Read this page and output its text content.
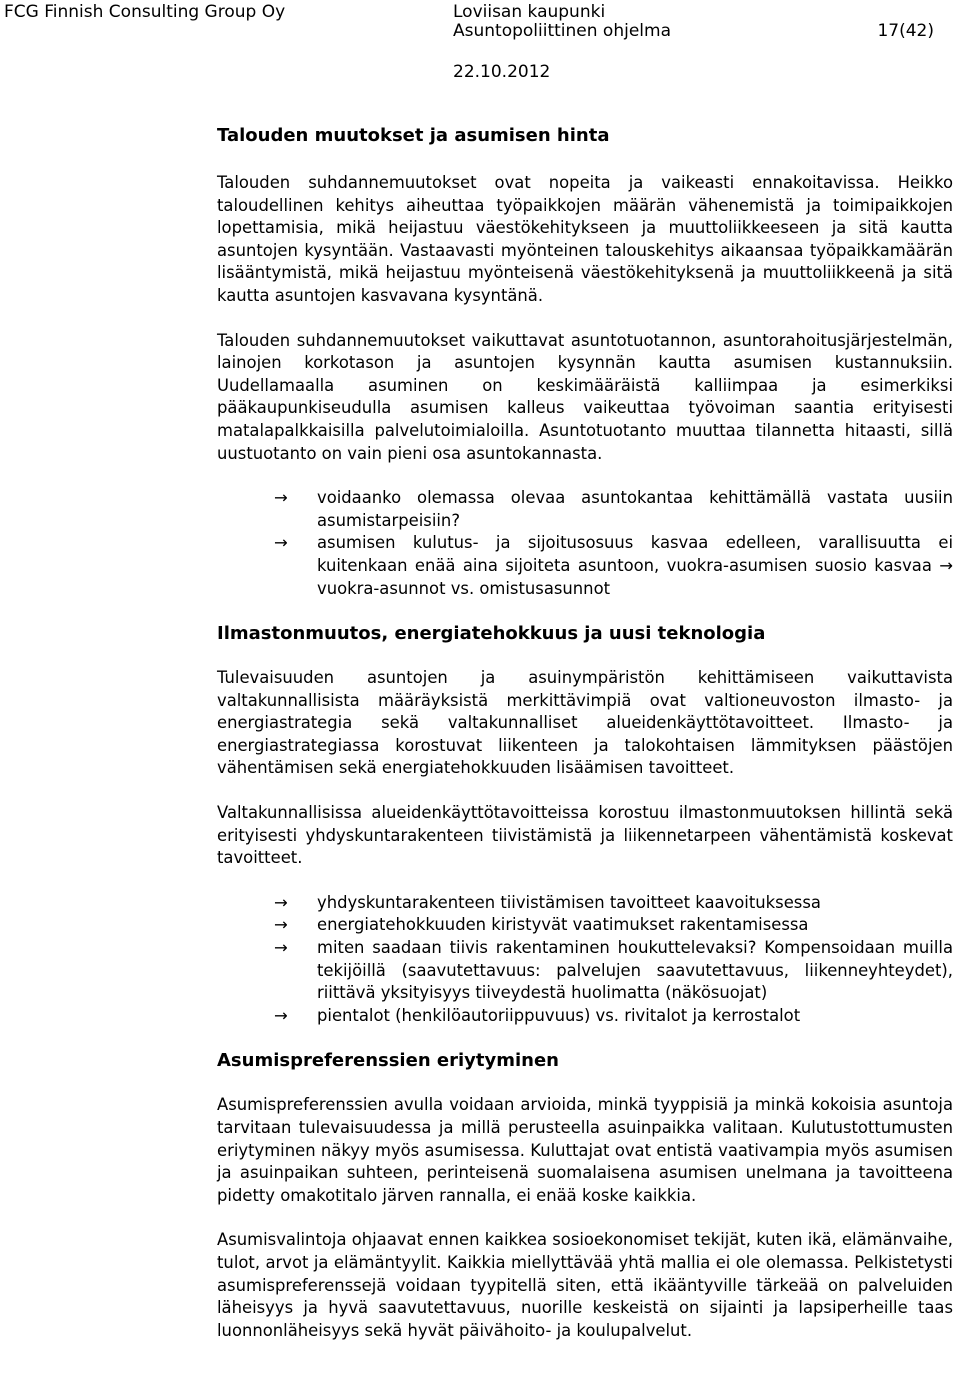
FCG Finnish Consulting Group Oy	Loviisan kaupunki
Asuntopoliittinen ohjelma	17(42)
22.10.2012
Talouden muutokset ja asumisen hinta

Talouden suhdannemuutokset ovat nopeita ja vaikeasti ennakoitavissa. Heikko taloudellinen kehitys aiheuttaa työpaikkojen määrän vähenemistä ja toimipaikkojen lopettamisia, mikä heijastuu väestökehitykseen ja muuttoliikkeeseen ja sitä kautta asuntojen kysyntään. Vastaavasti myönteinen talouskehitys aikaansaa työpaikkamäärän lisääntymistä, mikä heijastuu myönteisenä väestökehityksenä ja muuttoliikkeenä ja sitä kautta asuntojen kasvavana kysyntänä.

Talouden suhdannemuutokset vaikuttavat asuntotuotannon, asuntorahoitusjärjestelmän, lainojen korkotason ja asuntojen kysynnän kautta asumisen kustannuksiin. Uudellamaalla asuminen on keskimääräistä kalliimpaa ja esimerkiksi pääkaupunkiseudulla asumisen kalleus vaikeuttaa työvoiman saantia erityisesti matalapalkkaisilla palvelutoimialoilla. Asuntotuotanto muuttaa tilannetta hitaasti, sillä uustuotanto on vain pieni osa asuntokannasta.

→ voidaanko olemassa olevaa asuntokantaa kehittämällä vastata uusiin asumistarpeisiin?
→ asumisen kulutus- ja sijoitusosuus kasvaa edelleen, varallisuutta ei kuitenkaan enää aina sijoiteta asuntoon, vuokra-asumisen suosio kasvaa → vuokra-asunnot vs. omistusasunnot
Ilmastonmuutos, energiatehokkuus ja uusi teknologia

Tulevaisuuden asuntojen ja asuinympäristön kehittämiseen vaikuttavista valtakunnallisista määräyksistä merkittävimpiä ovat valtioneuvoston ilmasto- ja energiastrategia sekä valtakunnalliset alueidenkäyttötavoitteet. Ilmasto- ja energiastrategiassa korostuvat liikenteen ja talokohtaisen lämmityksen päästöjen vähentämisen sekä energiatehokkuuden lisäämisen tavoitteet.

Valtakunnallisissa alueidenkäyttötavoitteissa korostuu ilmastonmuutoksen hillintä sekä erityisesti yhdyskuntarakenteen tiivistämistä ja liikennetarpeen vähentämistä koskevat tavoitteet.

→ yhdyskuntarakenteen tiivistämisen tavoitteet kaavoituksessa
→ energiatehokkuuden kiristyvät vaatimukset rakentamisessa
→ miten saadaan tiivis rakentaminen houkuttelevaksi? Kompensoidaan muilla tekijöillä (saavutettavuus: palvelujen saavutettavuus, liikenneyhteydet), riittävä yksityisyys tiiveydestä huolimatta (näkösuojat)
→ pientalot (henkilöautoriippuvuus) vs. rivitalot ja kerrostalot
Asumispreferenssien eriytyminen

Asumispreferenssien avulla voidaan arvioida, minkä tyyppisiä ja minkä kokoisia asuntoja tarvitaan tulevaisuudessa ja millä perusteella asuinpaikka valitaan. Kulutustottumusten eriytyminen näkyy myös asumisessa. Kuluttajat ovat entistä vaativampia myös asumisen ja asuinpaikan suhteen, perinteisenä suomalaisena asumisen unelmana ja tavoitteena pidetty omakotitalo järven rannalla, ei enää koske kaikkia.

Asumisvalintoja ohjaavat ennen kaikkea sosioekonomiset tekijät, kuten ikä, elämänvaihe, tulot, arvot ja elämäntyylit. Kaikkia miellyttävää yhtä mallia ei ole olemassa. Pelkistetysti asumispreferenssejä voidaan tyypitellä siten, että ikääntyville tärkeää on palveluiden läheisyys ja hyvä saavutettavuus, nuorille keskeistä on sijainti ja lapsiperheille taas luonnonläheisyys sekä hyvät päivähoito- ja koulupalvelut.
